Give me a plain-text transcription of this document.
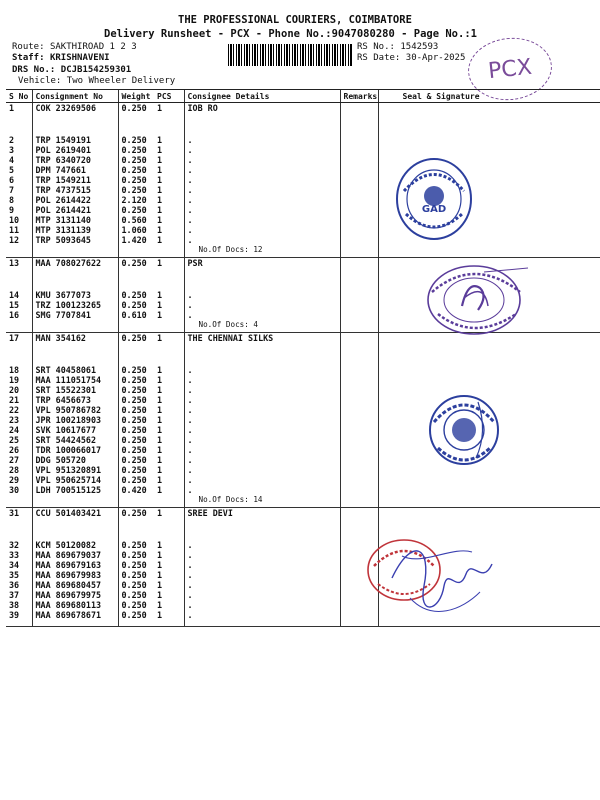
THE PROFESSIONAL COURIERS, COIMBATORE
Delivery Runsheet - PCX - Phone No.:9047080280 - Page No.:1
Route: SAKTHIROAD 1 2 3
Staff: KRISHNAVENI
DRS No.: DCJB154259301
Vehicle: Two Wheeler Delivery
RS No.: 1542593
RS Date: 30-Apr-2025 PCX
S No	Consignment No	Weight	PCS	Consignee Details	Remarks	Seal & Signature
1	COK 23269506	0.250	1	IOB RO		

2	TRP 1549191	0.250	1	.		
3	POL 2619401	0.250	1	.		
4	TRP 6340720	0.250	1	.		
5	DPM 747661	0.250	1	.		
6	TRP 1549211	0.250	1	.		
7	TRP 4737515	0.250	1	.		
8	POL 2614422	2.120	1	.		
9	POL 2614421	0.250	1	.		
10	MTP 3131140	0.560	1	.		
11	MTP 3131139	1.060	1	.		
12	TRP 5093645	1.420	1	.		
				No.Of Docs: 12		
13	MAA 708027622	0.250	1	PSR		

14	KMU 3677073	0.250	1	.		
15	TRZ 100123265	0.250	1	.		
16	SMG 7707841	0.610	1	.		
				No.Of Docs: 4		
17	MAN 354162	0.250	1	THE CHENNAI SILKS		

18	SRT 40458061	0.250	1	.		
19	MAA 111051754	0.250	1	.		
20	SRT 15522301	0.250	1	.		
21	TRP 6456673	0.250	1	.		
22	VPL 950786782	0.250	1	.		
23	JPR 100218903	0.250	1	.		
24	SVK 10617677	0.250	1	.		
25	SRT 54424562	0.250	1	.		
26	TDR 100066017	0.250	1	.		
27	DDG 505720	0.250	1	.		
28	VPL 951320891	0.250	1	.		
29	VPL 950625714	0.250	1	.		
30	LDH 700515125	0.420	1	.		
				No.Of Docs: 14		
31	CCU 501403421	0.250	1	SREE DEVI		

32	KCM 50120082	0.250	1	.		
33	MAA 869679037	0.250	1	.		
34	MAA 869679163	0.250	1	.		
35	MAA 869679983	0.250	1	.		
36	MAA 869680457	0.250	1	.		
37	MAA 869679975	0.250	1	.		
38	MAA 869680113	0.250	1	.		
39	MAA 869678671	0.250	1	.		

GAD
